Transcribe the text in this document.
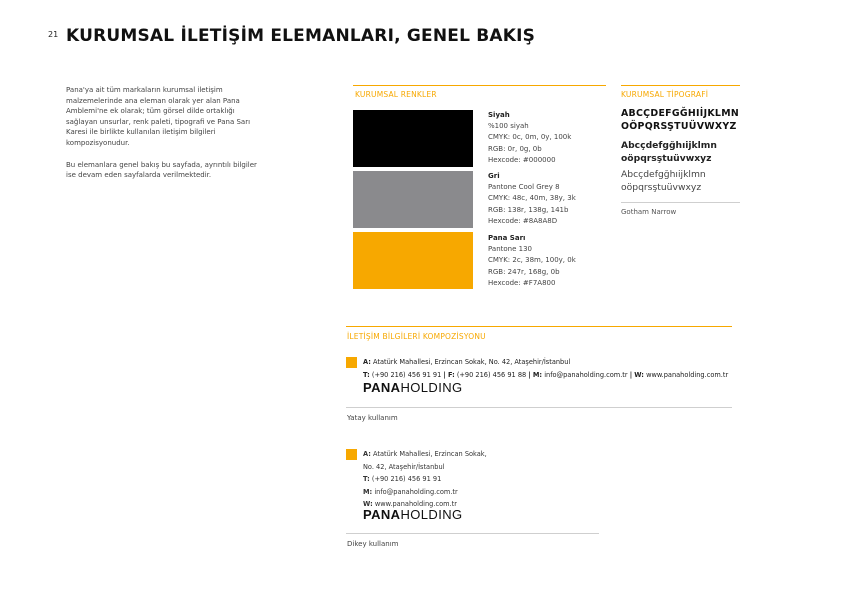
21 KURUMSAL İLETİŞİM ELEMANLARI, GENEL BAKIŞ

Pana'ya ait tüm markaların kurumsal iletişim malzemelerinde ana eleman olarak yer alan Pana Amblemi'ne ek olarak; tüm görsel dilde ortaklığı sağlayan unsurlar, renk paleti, tipografi ve Pana Sarı Karesi ile birlikte kullanılan iletişim bilgileri kompozisyonudur.

Bu elemanlara genel bakış bu sayfada, ayrıntılı bilgiler ise devam eden sayfalarda verilmektedir.

KURUMSAL RENKLER
Siyah
%100 siyah
CMYK: 0c, 0m, 0y, 100k
RGB: 0r, 0g, 0b
Hexcode: #000000
Gri
Pantone Cool Grey 8
CMYK: 48c, 40m, 38y, 3k
RGB: 138r, 138g, 141b
Hexcode: #8A8A8D
Pana Sarı
Pantone 130
CMYK: 2c, 38m, 100y, 0k
RGB: 247r, 168g, 0b
Hexcode: #F7A800
KURUMSAL TİPOGRAFİ
ABCÇDEFGĞHIİJKLMN OÖPQRSŞTUÜVWXYZ
Abcçdefgğhıijklmn oöpqrsştuüvwxyz
Abcçdefgğhıijklmn oöpqrsştuüvwxyz
Gotham Narrow
İLETİŞİM BİLGİLERİ KOMPOZİSYONU
A: Atatürk Mahallesi, Erzincan Sokak, No. 42, Ataşehir/İstanbul
T: (+90 216) 456 91 91 | F: (+90 216) 456 91 88 | M: info@panaholding.com.tr | W: www.panaholding.com.tr
PANAHOLDING
Yatay kullanım
A: Atatürk Mahallesi, Erzincan Sokak,
No. 42, Ataşehir/İstanbul
T: (+90 216) 456 91 91
M: info@panaholding.com.tr
W: www.panaholding.com.tr
PANAHOLDING
Dikey kullanım
